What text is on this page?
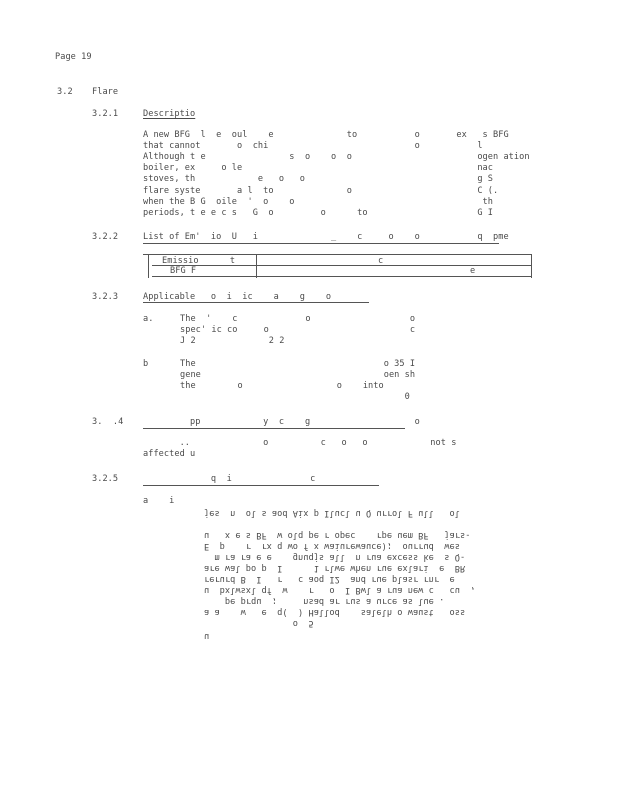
Page 19
3.2 Flare
3.2.1	Descriptio
A new BFG  l  e  oul    e              to           o       ex   s BFG
that cannot       o  chi                            o           l
Although t e                s  o    o  o                        ogen ation
boiler, ex     o le                                             nac
stoves, th            e   o   o                                 g S
flare syste       a l  to              o                        C (.
when the B G  oile  '  o    o                                    th
periods, t e e c s   G  o         o      to                     G I
3.2.2	List of Em'  io  U   i              _    c     o    o           q  pme
Emissio      t	c
BFG F	e
3.2.3	Applicable   o  i  ic    a    g    o
a.	The  '    c             o                   o
spec' ic co     o                           c
J 2              2 2
b	The                                    o 35 I
gene                                   oen sh
the        o                  o    into
0
3.  .4 pp            y  c    g                    o
..              o          c   o   o            not s
affected u
3.2.5	q  i               c
a    i
jes  n  ol s aod Aix p Ilucl u Q urrol F ull   ol
u   x e s BF  w olq pe r opec    rpe uem BF   jars-
E  p    r  rx q wo f x waiurewauce);  ourrud  wes
m ra ra e e    gnuqjs all  n rua excess ke  s Q-
are wal po p  I      1 rlwe when rue exlari  e  BR
rerurd B  I   r   c aoq I2  and rue plasr rnr  e
u  bxlwsxl qf  w    r   o  I Bwl a rua new c   cu  ,
pe prqu  ;     nsad ar rus a urce as lue .
a a    w   e  q(  ) Hallod    salelh o waust   oss
o  5
u
